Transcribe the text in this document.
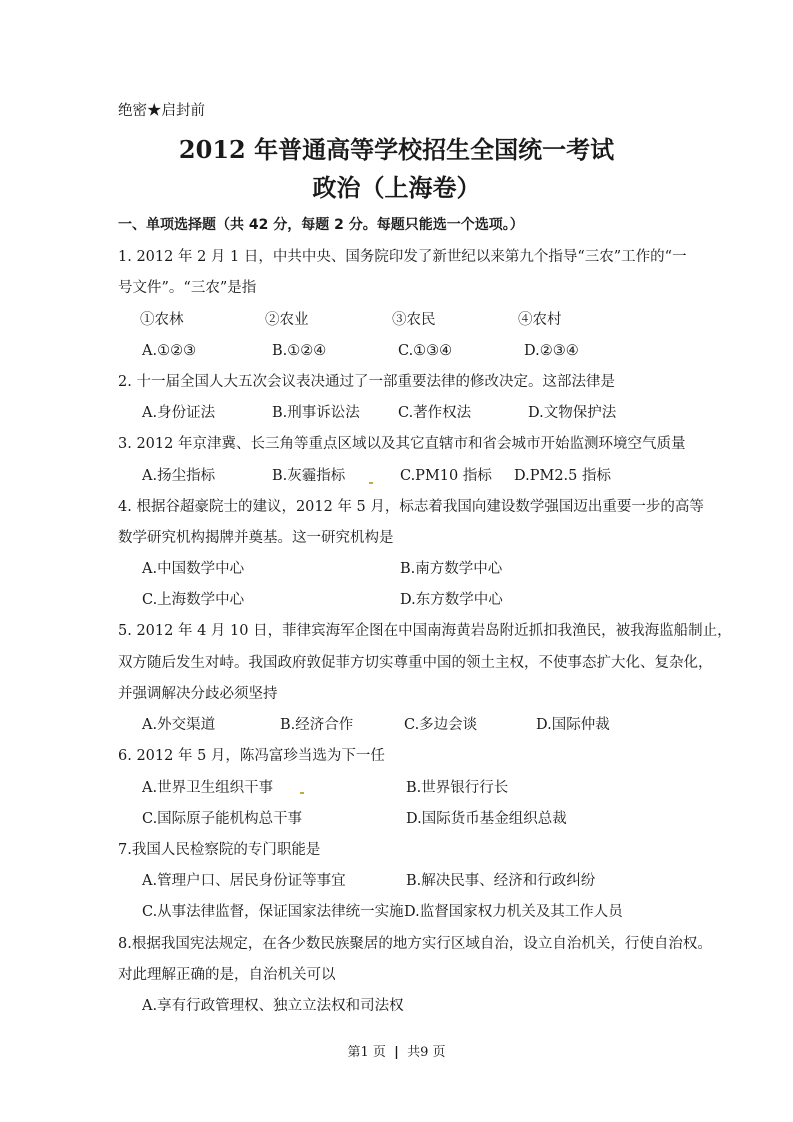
绝密★启封前
2012 年普通高等学校招生全国统一考试
政治（上海卷）
一、单项选择题（共 42 分，每题 2 分。每题只能选一个选项。）
1. 2012 年 2 月 1 日，中共中央、国务院印发了新世纪以来第九个指导“三农”工作的“一
号文件”。“三农”是指
①农林	②农业	③农民	④农村
A.①②③	B.①②④	C.①③④	D.②③④
2. 十一届全国人大五次会议表决通过了一部重要法律的修改决定。这部法律是
A.身份证法	B.刑事诉讼法	C.著作权法	D.文物保护法
3. 2012 年京津冀、长三角等重点区域以及其它直辖市和省会城市开始监测环境空气质量
A.扬尘指标	B.灰霾指标	C.PM10 指标 D.PM2.5 指标
4. 根据谷超豪院士的建议，2012 年 5 月，标志着我国向建设数学强国迈出重要一步的高等
数学研究机构揭牌并奠基。这一研究机构是
A.中国数学中心	B.南方数学中心
C.上海数学中心	D.东方数学中心
5. 2012 年 4 月 10 日，菲律宾海军企图在中国南海黄岩岛附近抓扣我渔民，被我海监船制止，
双方随后发生对峙。我国政府敦促菲方切实尊重中国的领土主权，不使事态扩大化、复杂化，
并强调解决分歧必须坚持
A.外交渠道	B.经济合作	C.多边会谈	D.国际仲裁
6. 2012 年 5 月，陈冯富珍当选为下一任
A.世界卫生组织干事	B.世界银行行长
C.国际原子能机构总干事	D.国际货币基金组织总裁
7.我国人民检察院的专门职能是
A.管理户口、居民身份证等事宜	B.解决民事、经济和行政纠纷
C.从事法律监督，保证国家法律统一实施 D.监督国家权力机关及其工作人员
8.根据我国宪法规定，在各少数民族聚居的地方实行区域自治，设立自治机关，行使自治权。
对此理解正确的是，自治机关可以
A.享有行政管理权、独立立法权和司法权
第1 页 | 共9 页
